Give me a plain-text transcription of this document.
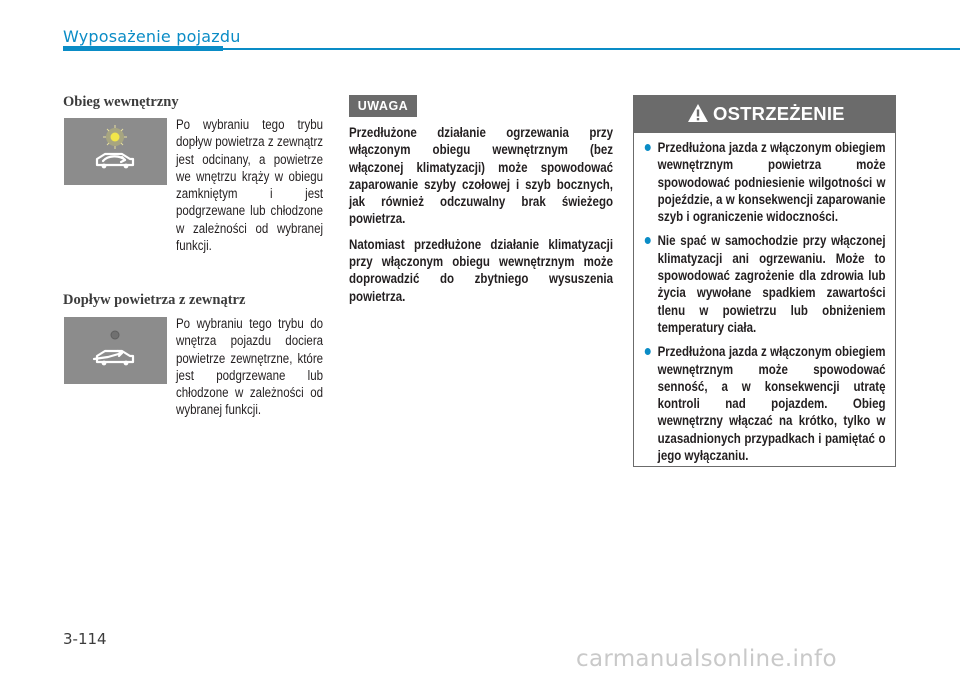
Wyposażenie pojazdu
Obieg wewnętrzny
Po wybraniu tego trybu dopływ powietrza z zewnątrz jest odcinany, a powietrze we wnętrzu krąży w obiegu zamkniętym i jest podgrzewane lub chłodzone w zależności od wybranej funkcji.
Dopływ powietrza z zewnątrz
Po wybraniu tego trybu do wnętrza pojazdu dociera powietrze zewnętrzne, które jest podgrzewane lub chłodzone w zależności od wybranej funkcji.
UWAGA

Przedłużone działanie ogrzewania przy włączonym obiegu wewnętrznym (bez włączonej klimatyzacji) może spowodować zaparowanie szyby czołowej i szyb bocznych, jak również odczuwalny brak świeżego powietrza.

Natomiast przedłużone działanie klimatyzacji przy włączonym obiegu wewnętrznym może doprowadzić do zbytniego wysuszenia powietrza.

OSTRZEŻENIE
Przedłużona jazda z włączonym obiegiem wewnętrznym powietrza może spowodować podniesienie wilgotności w pojeździe, a w konsekwencji zaparowanie szyb i ograniczenie widoczności.
Nie spać w samochodzie przy włączonej klimatyzacji ani ogrzewaniu. Może to spowodować zagrożenie dla zdrowia lub życia wywołane spadkiem zawartości tlenu w powietrzu lub obniżeniem temperatury ciała.
Przedłużona jazda z włączonym obiegiem wewnętrznym może spowodować senność, a w konsekwencji utratę kontroli nad pojazdem. Obieg wewnętrzny włączać na krótko, tylko w uzasadnionych przypadkach i pamiętać o jego wyłączaniu.
3-114
carmanualsonline.info
